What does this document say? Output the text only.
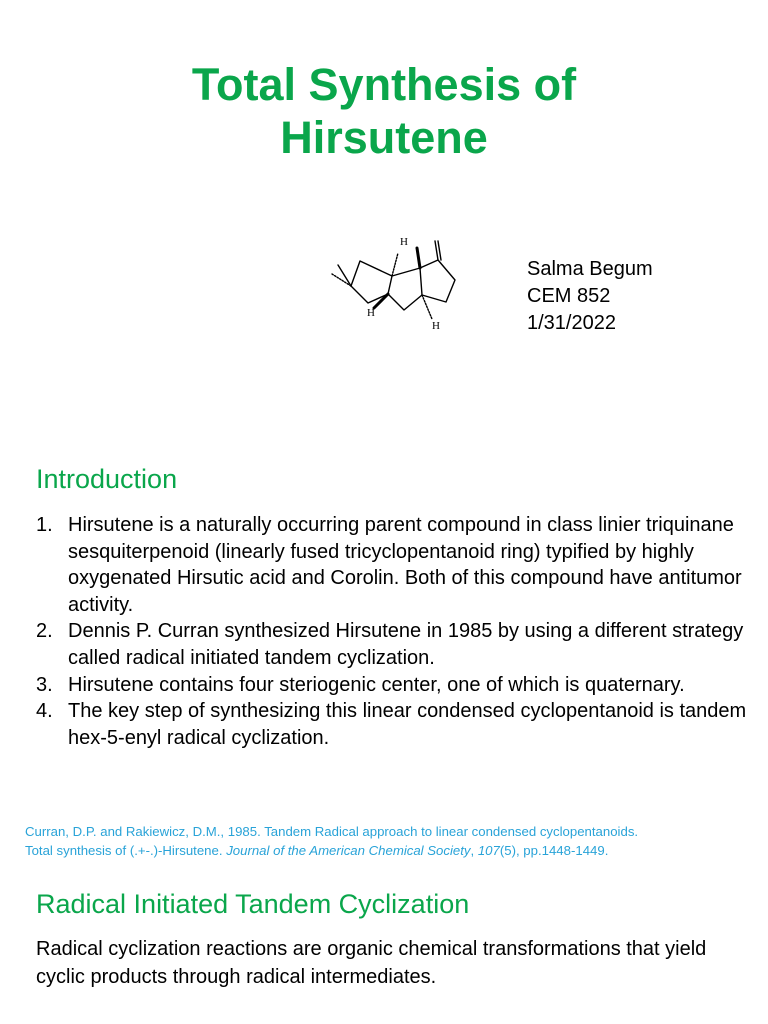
Total Synthesis of
Hirsutene
H
H
H
Salma Begum
CEM 852
1/31/2022
Introduction
1. Hirsutene is a naturally occurring parent compound in class linier triquinane sesquiterpenoid (linearly fused tricyclopentanoid ring) typified by highly oxygenated Hirsutic acid and Corolin. Both of this compound have antitumor activity.
2. Dennis P. Curran synthesized Hirsutene in 1985 by using a different strategy called radical initiated tandem cyclization.
3. Hirsutene contains four steriogenic center, one of which is quaternary.
4. The key step of synthesizing this linear condensed cyclopentanoid is tandem hex-5-enyl radical cyclization.
Curran, D.P. and Rakiewicz, D.M., 1985. Tandem Radical approach to linear condensed cyclopentanoids.
Total synthesis of (.+-.)-Hirsutene. Journal of the American Chemical Society, 107(5), pp.1448-1449.
Radical Initiated Tandem Cyclization
Radical cyclization reactions are organic chemical transformations that yield cyclic products through radical intermediates.
